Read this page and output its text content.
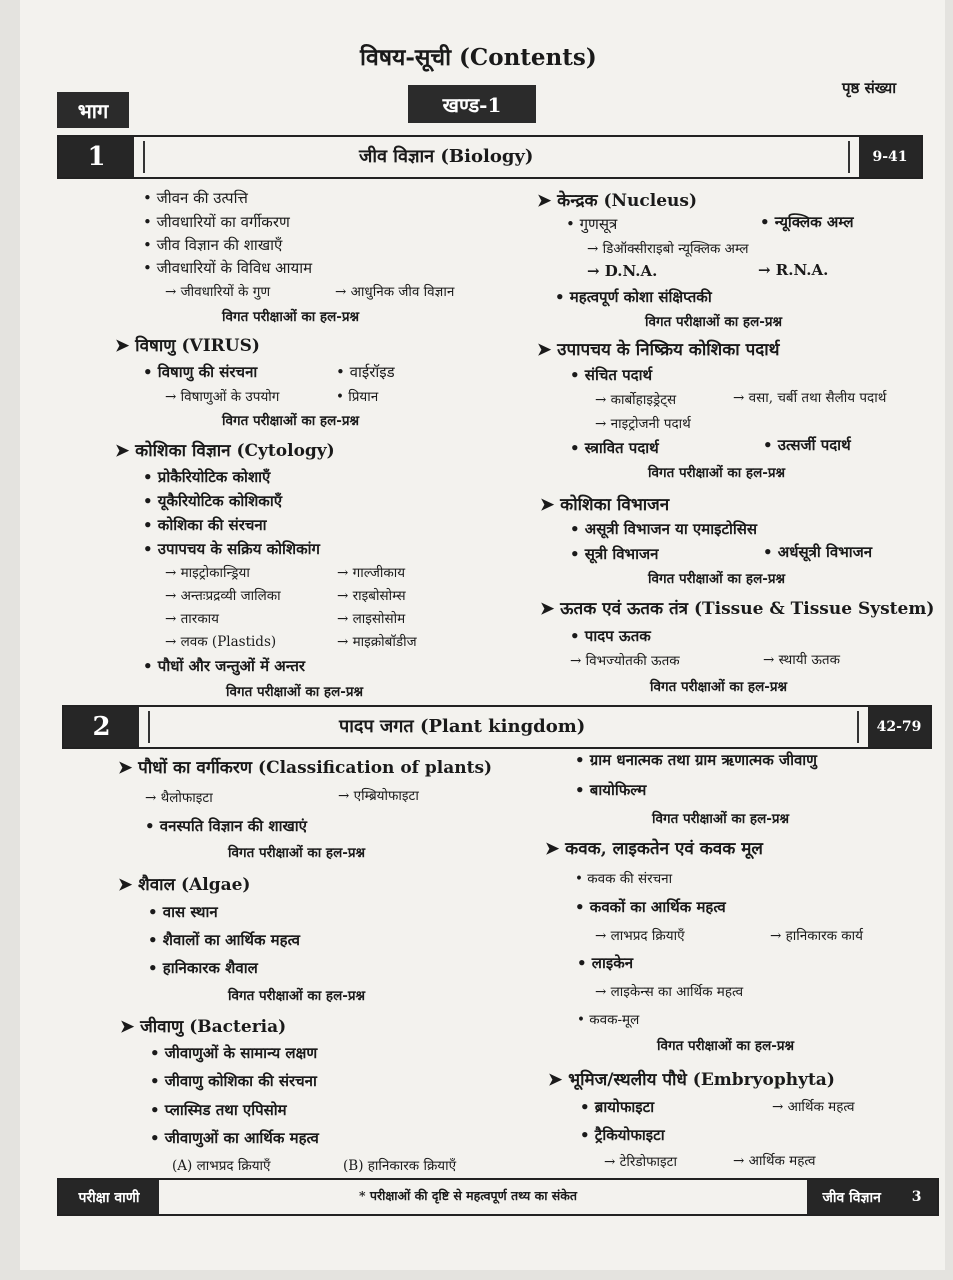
विषय-सूची (Contents)
भाग	खण्ड-1
पृष्ठ संख्या
1	जीव विज्ञान (Biology)	9-41
• जीवन की उत्पत्ति
• जीवधारियों का वर्गीकरण
• जीव विज्ञान की शाखाएँ
• जीवधारियों के विविध आयाम
→ जीवधारियों के गुण	→ आधुनिक जीव विज्ञान
विगत परीक्षाओं का हल-प्रश्न
➤ विषाणु (VIRUS)
• विषाणु की संरचना	• वाईरॉइड
→ विषाणुओं के उपयोग	• प्रियान
विगत परीक्षाओं का हल-प्रश्न
➤ कोशिका विज्ञान (Cytology)
• प्रोकैरियोटिक कोशाएँ
• यूकैरियोटिक कोशिकाएँ
• कोशिका की संरचना
• उपापचय के सक्रिय कोशिकांग
→ माइट्रोकान्ड्रिया	→ गाल्जीकाय
→ अन्तःप्रद्रव्यी जालिका	→ राइबोसोम्स
→ तारकाय	→ लाइसोसोम
→ लवक (Plastids)	→ माइक्रोबॉडीज
• पौधों और जन्तुओं में अन्तर
विगत परीक्षाओं का हल-प्रश्न
➤ केन्द्रक (Nucleus)
• गुणसूत्र	• न्यूक्लिक अम्ल
→ डिऑक्सीराइबो न्यूक्लिक अम्ल
→ D.N.A.	→ R.N.A.
• महत्वपूर्ण कोशा संक्षिप्तकी
विगत परीक्षाओं का हल-प्रश्न
➤ उपापचय के निष्क्रिय कोशिका पदार्थ
• संचित पदार्थ
→ कार्बोहाइड्रेट्स	→ वसा, चर्बी तथा सैलीय पदार्थ
→ नाइट्रोजनी पदार्थ
• स्त्रावित पदार्थ	• उत्सर्जी पदार्थ
विगत परीक्षाओं का हल-प्रश्न
➤ कोशिका विभाजन
• असूत्री विभाजन या एमाइटोसिस
• सूत्री विभाजन	• अर्धसूत्री विभाजन
विगत परीक्षाओं का हल-प्रश्न
➤ ऊतक एवं ऊतक तंत्र (Tissue & Tissue System)
• पादप ऊतक
→ विभज्योतकी ऊतक	→ स्थायी ऊतक
विगत परीक्षाओं का हल-प्रश्न
2	पादप जगत (Plant kingdom)	42-79
➤ पौधों का वर्गीकरण (Classification of plants)
→ थैलोफाइटा	→ एम्ब्रियोफाइटा
• वनस्पति विज्ञान की शाखाएं
विगत परीक्षाओं का हल-प्रश्न
➤ शैवाल (Algae)
• वास स्थान
• शैवालों का आर्थिक महत्व
• हानिकारक शैवाल
विगत परीक्षाओं का हल-प्रश्न
➤ जीवाणु (Bacteria)
• जीवाणुओं के सामान्य लक्षण
• जीवाणु कोशिका की संरचना
• प्लास्मिड तथा एपिसोम
• जीवाणुओं का आर्थिक महत्व
(A) लाभप्रद क्रियाएँ	(B) हानिकारक क्रियाएँ
• ग्राम धनात्मक तथा ग्राम ऋणात्मक जीवाणु
• बायोफिल्म
विगत परीक्षाओं का हल-प्रश्न
➤ कवक, लाइकतेन एवं कवक मूल
• कवक की संरचना
• कवकों का आर्थिक महत्व
→ लाभप्रद क्रियाएँ	→ हानिकारक कार्य
• लाइकेन
→ लाइकेन्स का आर्थिक महत्व
• कवक-मूल
विगत परीक्षाओं का हल-प्रश्न
➤ भूमिज/स्थलीय पौधे (Embryophyta)
• ब्रायोफाइटा	→ आर्थिक महत्व
• ट्रैकियोफाइटा
→ टेरिडोफाइटा	→ आर्थिक महत्व
परीक्षा वाणी	* परीक्षाओं की दृष्टि से महत्वपूर्ण तथ्य का संकेत	जीव विज्ञान 3
